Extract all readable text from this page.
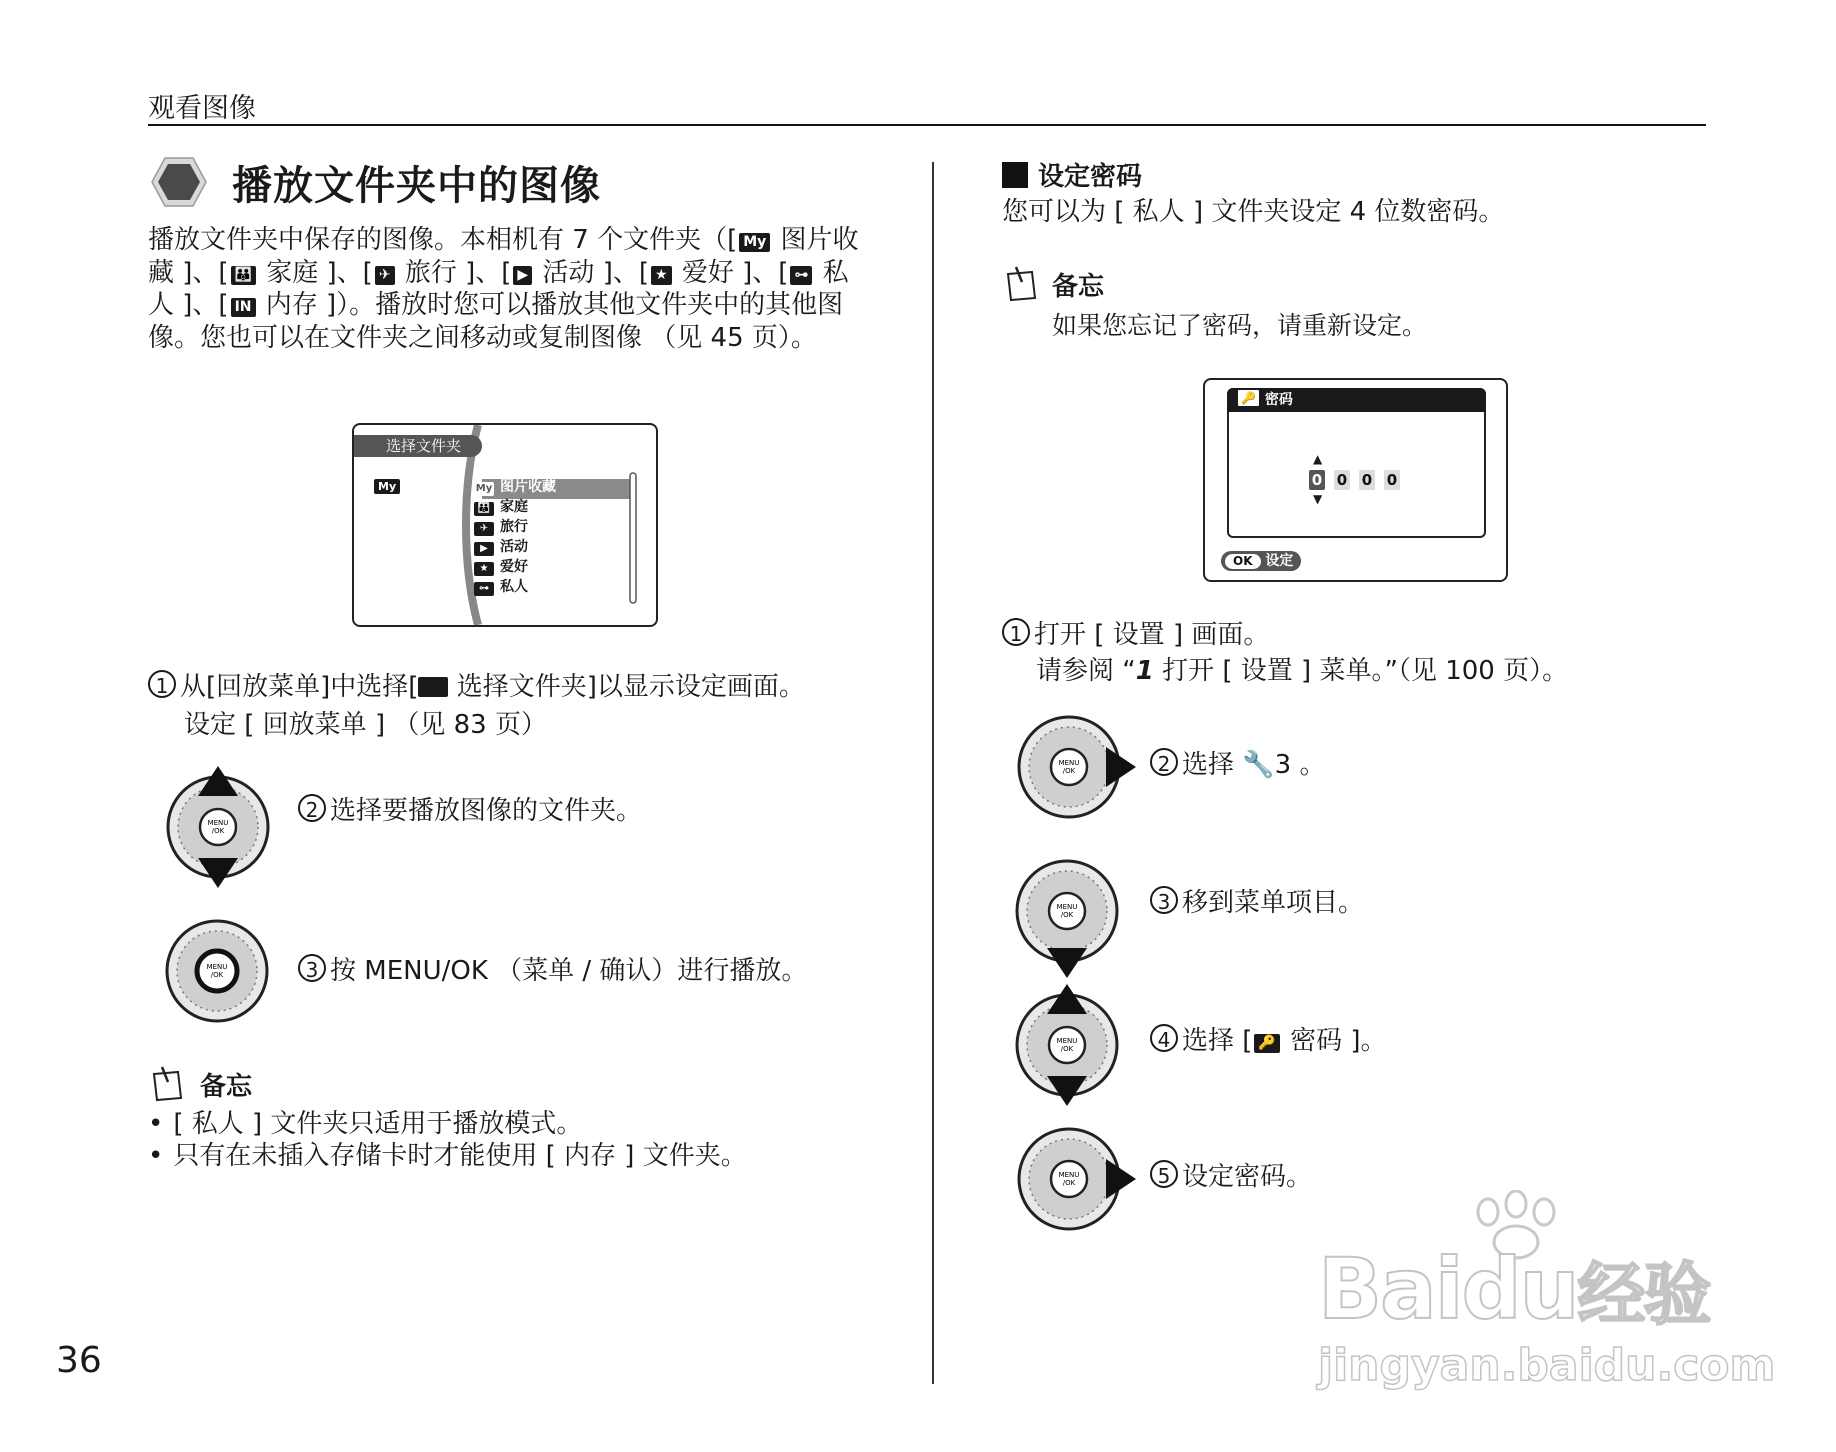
观看图像
36
播放文件夹中的图像
播放文件夹中保存的图像。本相机有 7 个文件夹（[ My 图片收藏 ]、[ 👪 家庭 ]、[ ✈ 旅行 ]、[ ▶ 活动 ]、[ ★ 爱好 ]、[ ⊶ 私人 ]、[ IN 内存 ]）。播放时您可以播放其他文件夹中的其他图像。您也可以在文件夹之间移动或复制图像 （见 45 页）。
选择文件夹
My	My 图片收藏
👪 家庭
✈ 旅行
▶ 活动
★ 爱好
⊶ 私人
1 从[回放菜单]中选择[ 选择文件夹]以显示设定画面。
设定 [ 回放菜单 ] （见 83 页）
MENU
/OK
2 选择要播放图像的文件夹。
MENU
/OK	3 按 MENU/OK （菜单 / 确认）进行播放。
备忘
• [ 私人 ] 文件夹只适用于播放模式。
• 只有在未插入存储卡时才能使用 [ 内存 ] 文件夹。
设定密码
您可以为 [ 私人 ] 文件夹设定 4 位数密码。
备忘
如果您忘记了密码，请重新设定。
🔑 密码
▲
0 0 0 0
▼
OK 设定
1 打开 [ 设置 ] 画面。
请参阅 “1 打开 [ 设置 ] 菜单。”（见 100 页）。
MENU
/OK	2 选择 🔧3 。
MENU
/OK
3 移到菜单项目。
MENU
/OK	4 选择 [ 🔑 密码 ]。
MENU
/OK	5 设定密码。
Baidu经验
jingyan.baidu.com
